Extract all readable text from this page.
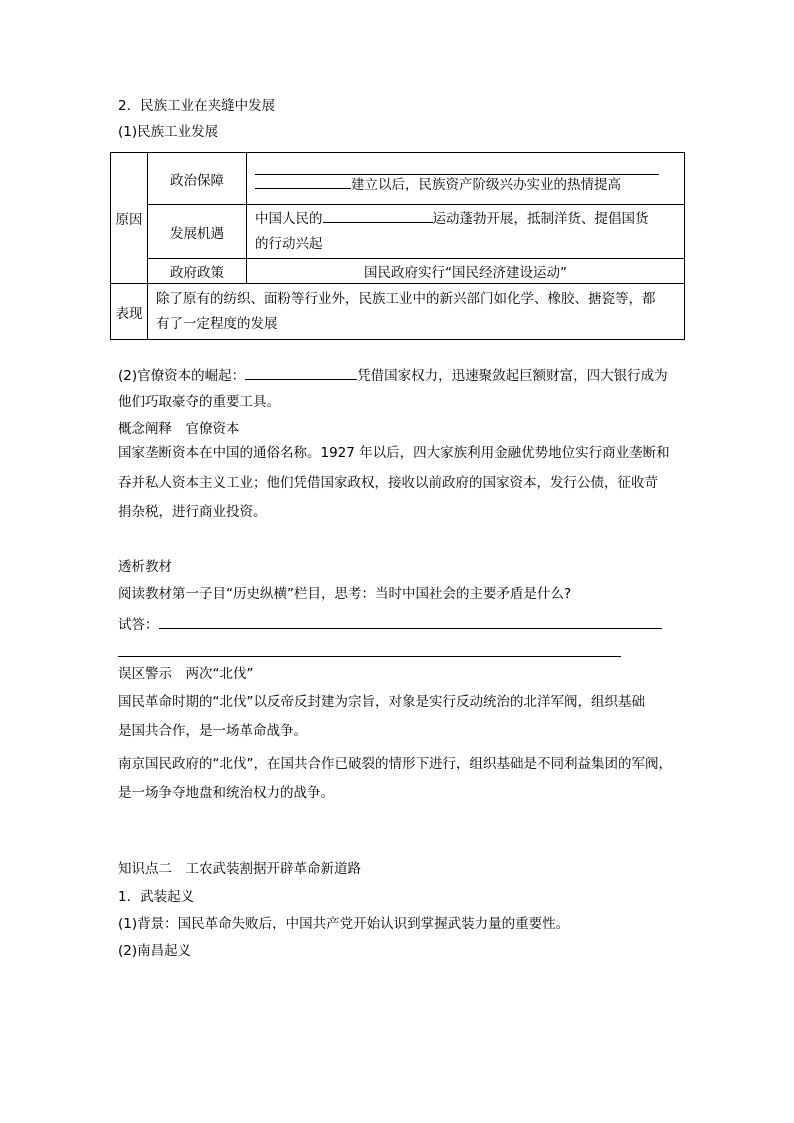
2．民族工业在夹缝中发展
(1)民族工业发展
原因	政治保障	建立以后，民族资产阶级兴办实业的热情提高

	发展机遇	中国人民的 运动蓬勃开展，抵制洋货、提倡国货
的行动兴起

	政府政策	国民政府实行“国民经济建设运动”
表现	除了原有的纺织、面粉等行业外，民族工业中的新兴部门如化学、橡胶、搪瓷等，都
有了一定程度的发展	
(2)官僚资本的崛起：	凭借国家权力，迅速聚敛起巨额财富，四大银行成为
他们巧取豪夺的重要工具。
概念阐释　官僚资本
国家垄断资本在中国的通俗名称。1927 年以后，四大家族利用金融优势地位实行商业垄断和
吞并私人资本主义工业；他们凭借国家政权，接收以前政府的国家资本，发行公债，征收苛
捐杂税，进行商业投资。
透析教材
阅读教材第一子目“历史纵横”栏目，思考：当时中国社会的主要矛盾是什么?
试答：
误区警示　两次“北伐”
国民革命时期的“北伐”以反帝反封建为宗旨，对象是实行反动统治的北洋军阀，组织基础
是国共合作，是一场革命战争。
南京国民政府的“北伐”，在国共合作已破裂的情形下进行，组织基础是不同利益集团的军阀，
是一场争夺地盘和统治权力的战争。
知识点二　工农武装割据开辟革命新道路
1．武装起义
(1)背景：国民革命失败后，中国共产党开始认识到掌握武装力量的重要性。
(2)南昌起义
